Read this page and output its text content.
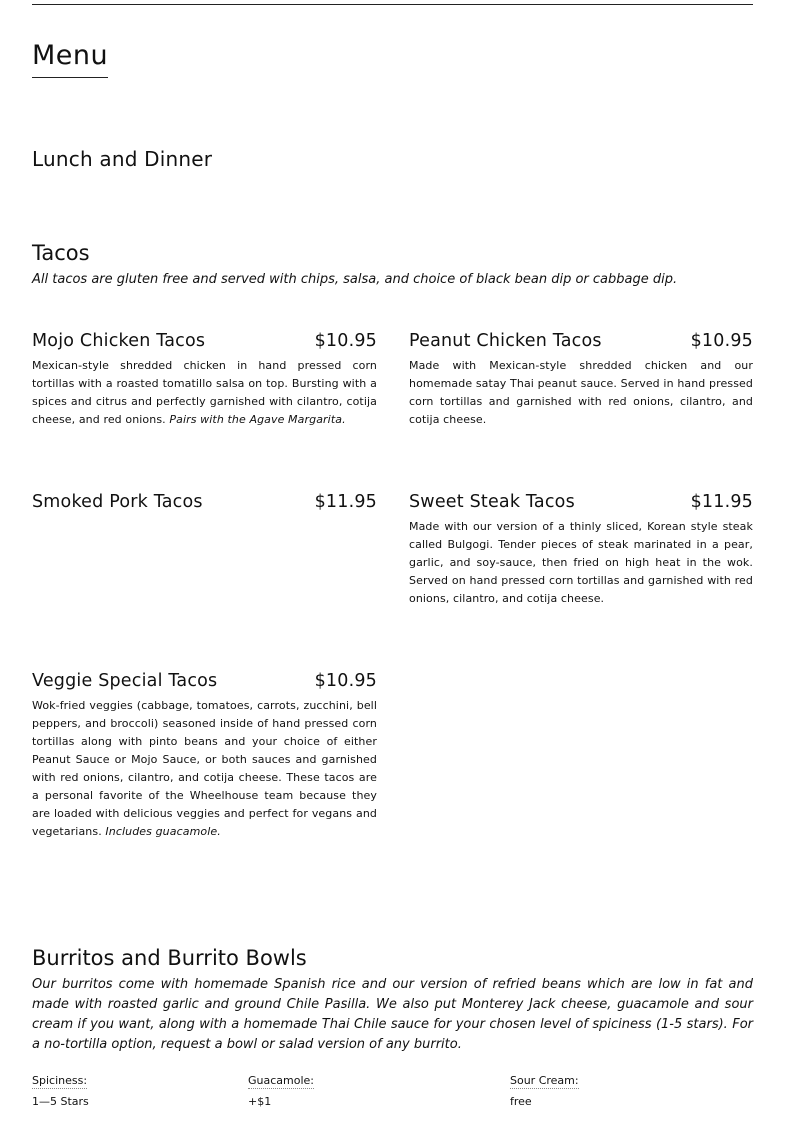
Menu
Lunch and Dinner
Tacos

All tacos are gluten free and served with chips, salsa, and choice of black bean dip or cabbage dip.

Mojo Chicken Tacos	$10.95
Mexican-style shredded chicken in hand pressed corn tortillas with a roasted tomatillo salsa on top. Bursting with a spices and citrus and perfectly garnished with cilantro, cotija cheese, and red onions. Pairs with the Agave Margarita.
Peanut Chicken Tacos	$10.95
Made with Mexican-style shredded chicken and our homemade satay Thai peanut sauce. Served in hand pressed corn tortillas and garnished with red onions, cilantro, and cotija cheese.
Smoked Pork Tacos	$11.95 Sweet Steak Tacos	$11.95
Made with our version of a thinly sliced, Korean style steak called Bulgogi. Tender pieces of steak marinated in a pear, garlic, and soy-sauce, then fried on high heat in the wok. Served on hand pressed corn tortillas and garnished with red onions, cilantro, and cotija cheese.
Veggie Special Tacos	$10.95
Wok-fried veggies (cabbage, tomatoes, carrots, zucchini, bell peppers, and broccoli) seasoned inside of hand pressed corn tortillas along with pinto beans and your choice of either Peanut Sauce or Mojo Sauce, or both sauces and garnished with red onions, cilantro, and cotija cheese. These tacos are a personal favorite of the Wheelhouse team because they are loaded with delicious veggies and perfect for vegans and vegetarians. Includes guacamole.
Burritos and Burrito Bowls

Our burritos come with homemade Spanish rice and our version of refried beans which are low in fat and made with roasted garlic and ground Chile Pasilla. We also put Monterey Jack cheese, guacamole and sour cream if you want, along with a homemade Thai Chile sauce for your chosen level of spiciness (1-5 stars). For a no-tortilla option, request a bowl or salad version of any burrito.

Spiciness:
1—5 Stars
Guacamole:
+$1
Sour Cream:
free
